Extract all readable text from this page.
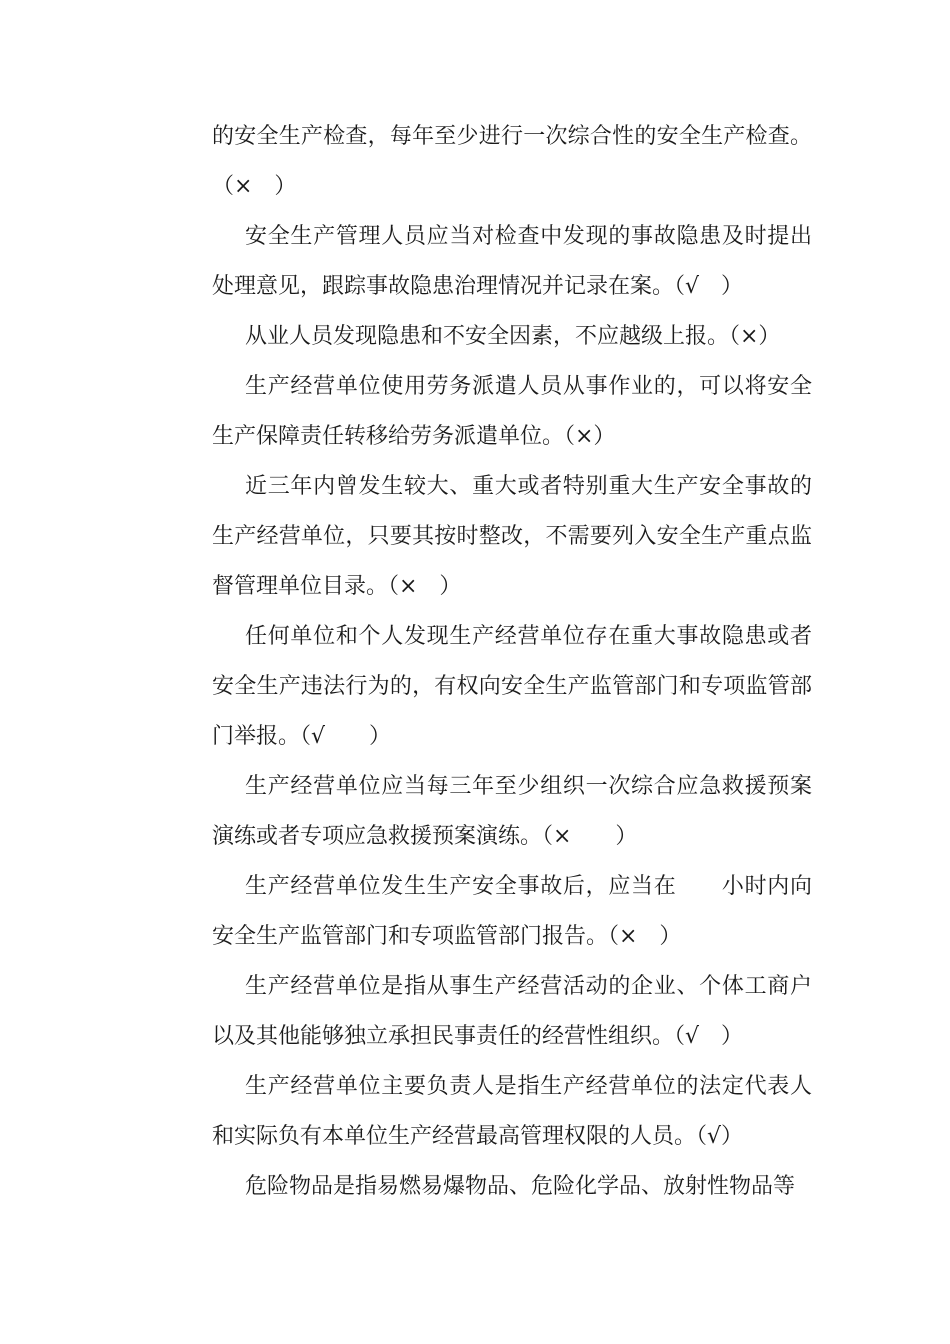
的安全生产检查，每年至少进行一次综合性的安全生产检查。（×　）

安全生产管理人员应当对检查中发现的事故隐患及时提出处理意见，跟踪事故隐患治理情况并记录在案。（√　）

从业人员发现隐患和不安全因素，不应越级上报。（×）

生产经营单位使用劳务派遣人员从事作业的，可以将安全生产保障责任转移给劳务派遣单位。（×）

近三年内曾发生较大、重大或者特别重大生产安全事故的生产经营单位，只要其按时整改，不需要列入安全生产重点监督管理单位目录。（×　）

任何单位和个人发现生产经营单位存在重大事故隐患或者安全生产违法行为的，有权向安全生产监管部门和专项监管部门举报。（√　　）

生产经营单位应当每三年至少组织一次综合应急救援预案演练或者专项应急救援预案演练。（×　　）

生产经营单位发生生产安全事故后，应当在　　小时内向安全生产监管部门和专项监管部门报告。（×　）

生产经营单位是指从事生产经营活动的企业、个体工商户以及其他能够独立承担民事责任的经营性组织。（√　）

生产经营单位主要负责人是指生产经营单位的法定代表人和实际负有本单位生产经营最高管理权限的人员。（√）

危险物品是指易燃易爆物品、危险化学品、放射性物品等
